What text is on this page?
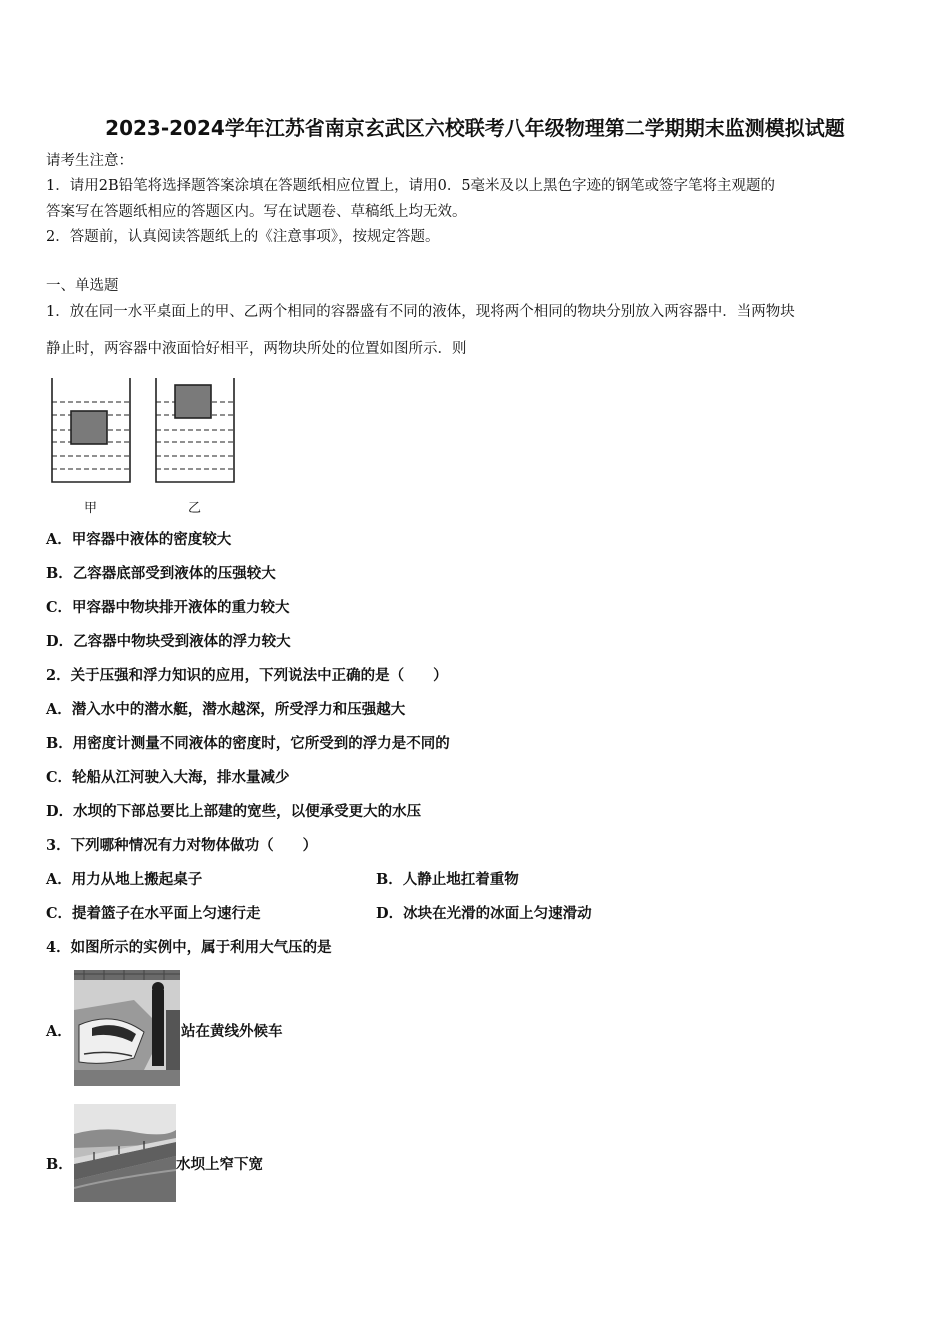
2023-2024学年江苏省南京玄武区六校联考八年级物理第二学期期末监测模拟试题
请考生注意：
1．请用2B铅笔将选择题答案涂填在答题纸相应位置上，请用0．5毫米及以上黑色字迹的钢笔或签字笔将主观题的
答案写在答题纸相应的答题区内。写在试题卷、草稿纸上均无效。
2．答题前，认真阅读答题纸上的《注意事项》，按规定答题。
一、单选题
1．放在同一水平桌面上的甲、乙两个相同的容器盛有不同的液体，现将两个相同的物块分别放入两容器中．当两物块
静止时，两容器中液面恰好相平，两物块所处的位置如图所示．则
甲	乙
A．甲容器中液体的密度较大
B．乙容器底部受到液体的压强较大
C．甲容器中物块排开液体的重力较大
D．乙容器中物块受到液体的浮力较大
2．关于压强和浮力知识的应用，下列说法中正确的是（　　）
A．潜入水中的潜水艇，潜水越深，所受浮力和压强越大
B．用密度计测量不同液体的密度时，它所受到的浮力是不同的
C．轮船从江河驶入大海，排水量减少
D．水坝的下部总要比上部建的宽些，以便承受更大的水压
3．下列哪种情况有力对物体做功（　　）
A．用力从地上搬起桌子	B．人静止地扛着重物
C．提着篮子在水平面上匀速行走	D．冰块在光滑的冰面上匀速滑动
4．如图所示的实例中，属于利用大气压的是
A．	站在黄线外候车
B．	水坝上窄下宽
